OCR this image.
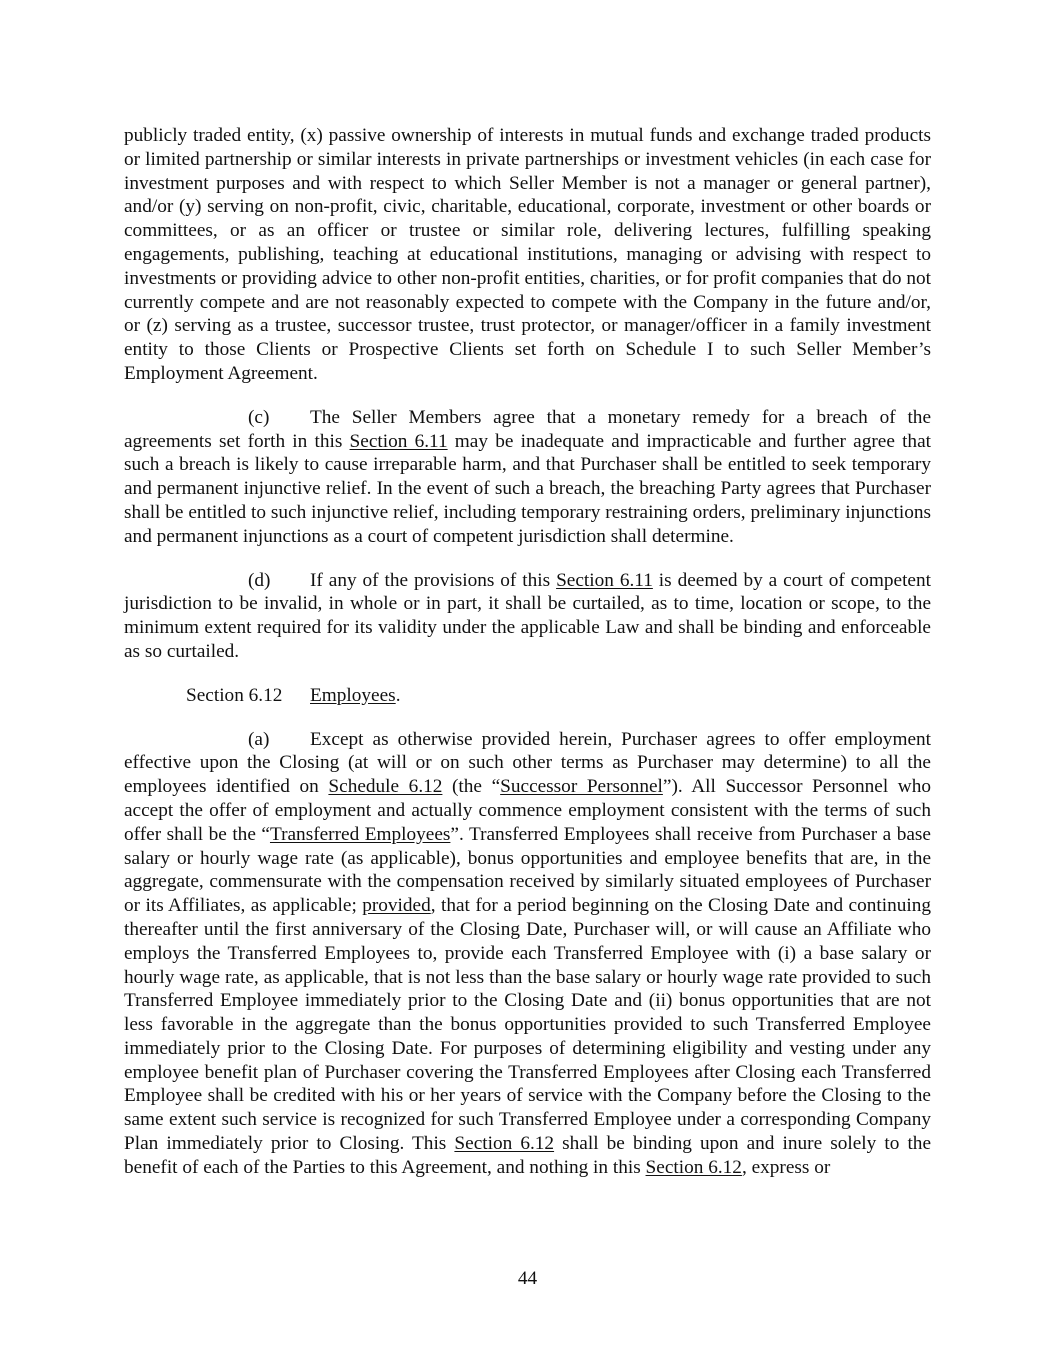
publicly traded entity, (x) passive ownership of interests in mutual funds and exchange traded products or limited partnership or similar interests in private partnerships or investment vehicles (in each case for investment purposes and with respect to which Seller Member is not a manager or general partner), and/or (y) serving on non-profit, civic, charitable, educational, corporate, investment or other boards or committees, or as an officer or trustee or similar role, delivering lectures, fulfilling speaking engagements, publishing, teaching at educational institutions, managing or advising with respect to investments or providing advice to other non-profit entities, charities, or for profit companies that do not currently compete and are not reasonably expected to compete with the Company in the future and/or, or (z) serving as a trustee, successor trustee, trust protector, or manager/officer in a family investment entity to those Clients or Prospective Clients set forth on Schedule I to such Seller Member’s Employment Agreement.

(c) The Seller Members agree that a monetary remedy for a breach of the agreements set forth in this Section 6.11 may be inadequate and impracticable and further agree that such a breach is likely to cause irreparable harm, and that Purchaser shall be entitled to seek temporary and permanent injunctive relief. In the event of such a breach, the breaching Party agrees that Purchaser shall be entitled to such injunctive relief, including temporary restraining orders, preliminary injunctions and permanent injunctions as a court of competent jurisdiction shall determine.

(d) If any of the provisions of this Section 6.11 is deemed by a court of competent jurisdiction to be invalid, in whole or in part, it shall be curtailed, as to time, location or scope, to the minimum extent required for its validity under the applicable Law and shall be binding and enforceable as so curtailed.

Section 6.12 Employees.

(a) Except as otherwise provided herein, Purchaser agrees to offer employment effective upon the Closing (at will or on such other terms as Purchaser may determine) to all the employees identified on Schedule 6.12 (the “Successor Personnel”). All Successor Personnel who accept the offer of employment and actually commence employment consistent with the terms of such offer shall be the “Transferred Employees”. Transferred Employees shall receive from Purchaser a base salary or hourly wage rate (as applicable), bonus opportunities and employee benefits that are, in the aggregate, commensurate with the compensation received by similarly situated employees of Purchaser or its Affiliates, as applicable; provided, that for a period beginning on the Closing Date and continuing thereafter until the first anniversary of the Closing Date, Purchaser will, or will cause an Affiliate who employs the Transferred Employees to, provide each Transferred Employee with (i) a base salary or hourly wage rate, as applicable, that is not less than the base salary or hourly wage rate provided to such Transferred Employee immediately prior to the Closing Date and (ii) bonus opportunities that are not less favorable in the aggregate than the bonus opportunities provided to such Transferred Employee immediately prior to the Closing Date. For purposes of determining eligibility and vesting under any employee benefit plan of Purchaser covering the Transferred Employees after Closing each Transferred Employee shall be credited with his or her years of service with the Company before the Closing to the same extent such service is recognized for such Transferred Employee under a corresponding Company Plan immediately prior to Closing. This Section 6.12 shall be binding upon and inure solely to the benefit of each of the Parties to this Agreement, and nothing in this Section 6.12, express or

44
